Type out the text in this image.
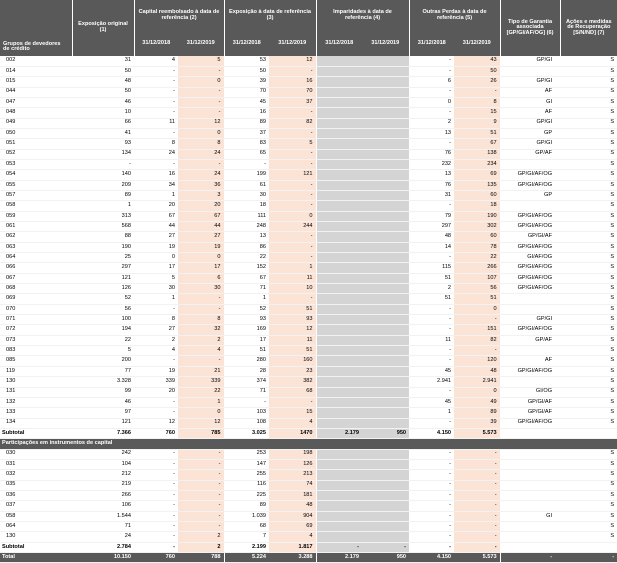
Grupos de devedores de crédito	Exposição original (1)	Capital reembolsado à data de referência (2)		Exposição à data de referência (3)		Imparidades à data de referência (4)		Outras Perdas à data de referência (5)		Tipo de Garantia associada [GP/GI/AF/OG] (6)	Ações e medidas de Recuperação [S/N/ND] (7)
		31/12/2018	31/12/2019	31/12/2018	31/12/2019	31/12/2018	31/12/2019	31/12/2018	31/12/2019		
002	31	4	5	53	12			-	43	GP/GI	S
014	50	-	-	50	-			-	50		S
015	48	-	0	39	16			6	26	GP/GI	S
044	50	-	-	70	70			-	-	AF	S
047	46	-	-	45	37			0	8	GI	S
048	10	-	-	16	-			-	15	AF	S
049	66	11	12	89	82			2	9	GP/GI	S
050	41	-	0	37	-			13	51	GP	S
051	93	8	8	83	5			-	67	GP/GI	S
052	134	24	24	65	-			76	138	GP/AF	S
053	-	-	-	-	-			232	234		S
054	140	16	24	199	121			13	69	GP/GI/AF/OG	S
055	209	34	36	61	-			76	135	GP/GI/AF/OG	S
057	89	1	3	30	-			31	60	GP	S
058	1	20	20	18	-			-	18		S
059	313	67	67	111	0			79	190	GP/GI/AF/OG	S
061	568	44	44	248	244			297	302	GP/GI/AF/OG	S
062	88	27	27	13	-			48	60	GP/GI/AF	S
063	190	19	19	86	-			14	78	GP/GI/AF/OG	S
064	25	0	0	22	-			-	22	GI/AF/OG	S
066	297	17	17	152	1			115	266	GP/GI/AF/OG	S
067	121	5	6	67	11			51	107	GP/GI/AF/OG	S
068	126	30	30	71	10			2	56	GP/GI/AF/OG	S
069	52	1	-	1	-			51	51		S
070	56	-	-	52	51			-	0		S
071	100	8	8	93	93			-	-	GP/GI	S
072	194	27	32	169	12			-	151	GP/GI/AF/OG	S
073	22	2	2	17	11			11	82	GP/AF	S
083	5	4	4	51	51			-	-		S
085	200	-	-	280	160			-	120	AF	S
119	77	19	21	28	23			45	48	GP/GI/AF/OG	S
130	3.328	339	339	374	382			2.941	2.941		S
131	99	20	22	71	68			-	0	GI/OG	S
132	46	-	1	-	-			45	49	GP/GI/AF	S
133	97	-	0	103	15			1	89	GP/GI/AF	S
134	121	12	12	108	4			-	39	GP/GI/AF/OG	S
Subtotal	7.366	760	785	3.025	1470	2.179	950	4.150	5.573		
Participações em instrumentos de capital											
030	242	-	-	253	198			-	-		S
031	104	-	-	147	126			-	-		S
032	212	-	-	255	213			-	-		S
035	219	-	-	116	74			-	-		S
036	266	-	-	225	181			-	-		S
037	106	-	-	89	48			-	-		S
058	1.544	-	-	1.039	904			-	-	GI	S
064	71	-	-	68	69			-	-		S
130	24	-	2	7	4			-	-		S
Subtotal	2.784	-	2	2.199	1.817	-	-	-	-		
Total	10.150	760	788	5.224	3.288	2.179	950	4.150	5.573	-	-
